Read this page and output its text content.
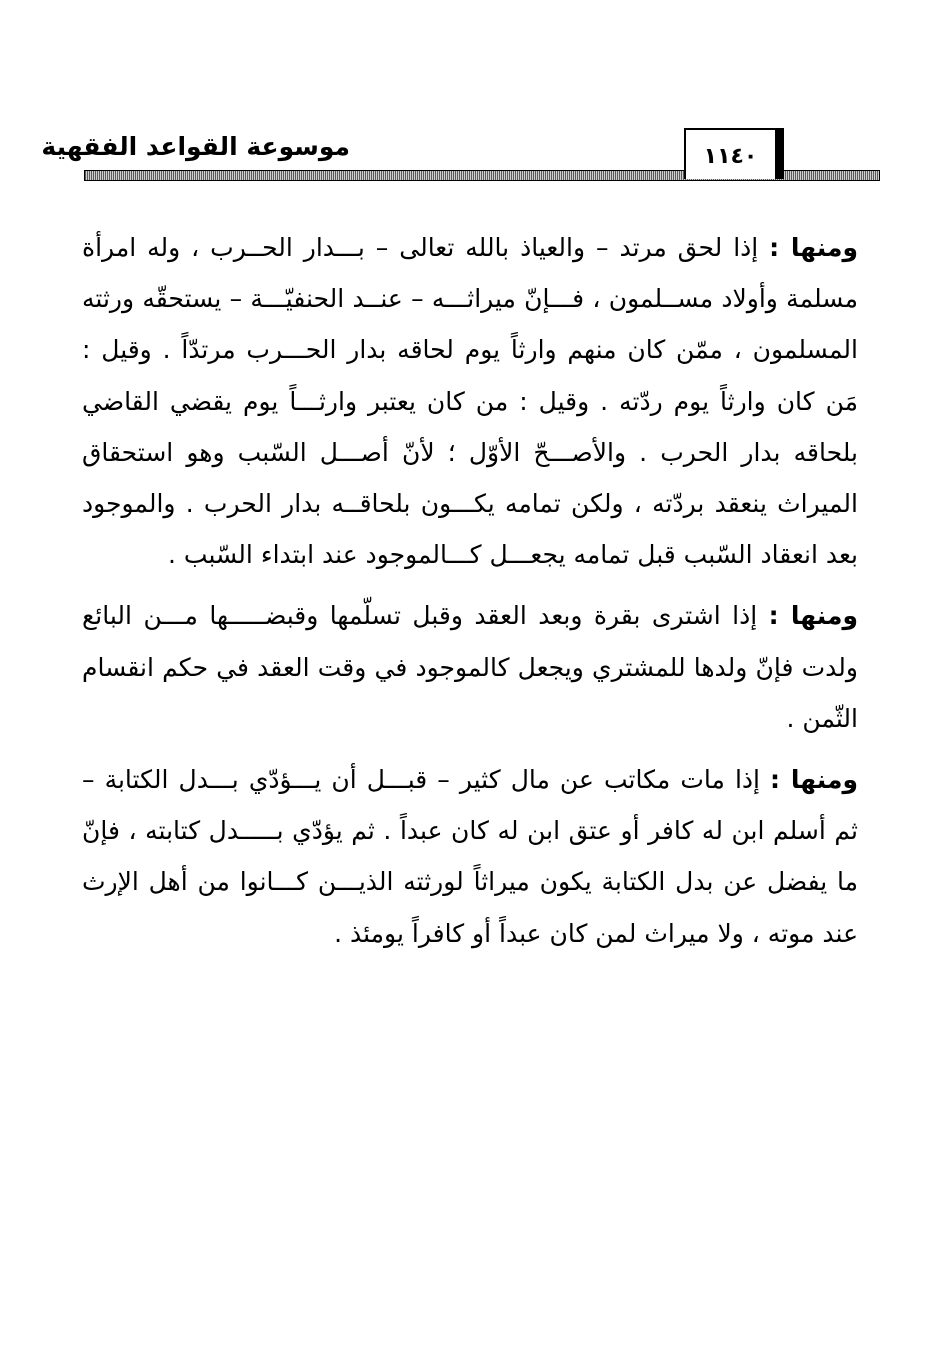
موسوعة القواعد الفقهية	١١٤٠

ومنها : إذا لحق مرتد – والعياذ بالله تعالى – بـــدار الحــرب ، وله امرأة مسلمة وأولاد مســلمون ، فـــإنّ ميراثـــه – عنــد الحنفيّـــة – يستحقّه ورثته المسلمون ، ممّن كان منهم وارثاً يوم لحاقه بدار الحـــرب مرتدّاً . وقيل : مَن كان وارثاً يوم ردّته . وقيل : من كان يعتبر وارثـــاً يوم يقضي القاضي بلحاقه بدار الحرب . والأصـــحّ الأوّل ؛ لأنّ أصـــل السّبب وهو استحقاق الميراث ينعقد بردّته ، ولكن تمامه يكـــون بلحاقــه بدار الحرب . والموجود بعد انعقاد السّبب قبل تمامه يجعـــل كـــالموجود عند ابتداء السّبب .

ومنها : إذا اشترى بقرة وبعد العقد وقبل تسلّمها وقبضـــــها مـــن البائع ولدت فإنّ ولدها للمشتري ويجعل كالموجود في وقت العقد في حكم انقسام الثّمن .

ومنها : إذا مات مكاتب عن مال كثير – قبـــل أن يـــؤدّي بـــدل الكتابة – ثم أسلم ابن له كافر أو عتق ابن له كان عبداً . ثم يؤدّي بـــــدل كتابته ، فإنّ ما يفضل عن بدل الكتابة يكون ميراثاً لورثته الذيـــن كـــانوا من أهل الإرث عند موته ، ولا ميراث لمن كان عبداً أو كافراً يومئذ .
